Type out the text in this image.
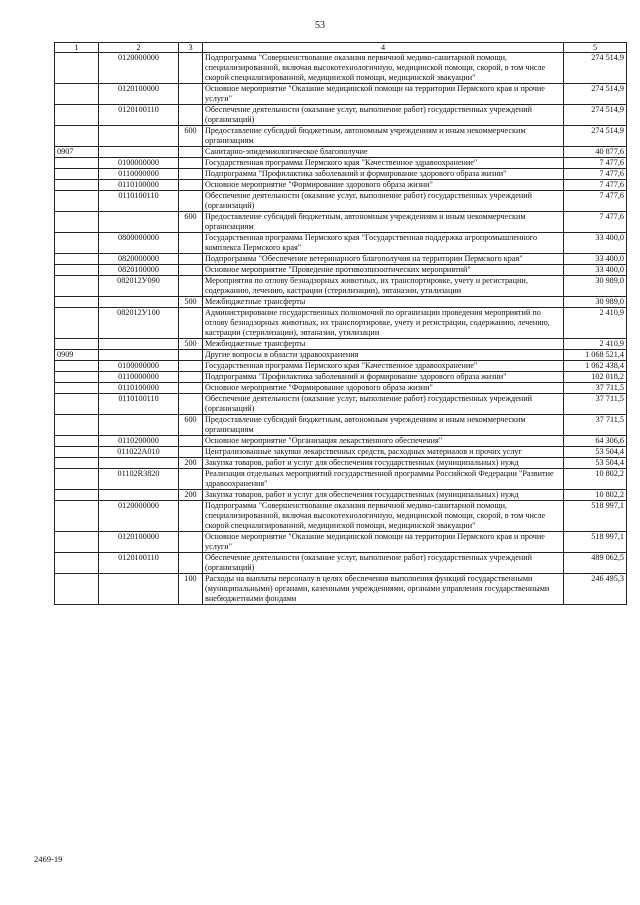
53
1	2	3	4	5
	0120000000		Подпрограмма "Совершенствование оказания первичной медико-санитарной помощи, специализированной, включая высокотехнологичную, медицинской помощи, скорой, в том числе скорой специализированной, медицинской помощи, медицинской эвакуации"	274 514,9
	0120100000		Основное мероприятие "Оказание медицинской помощи на территории Пермского края и прочие услуги"	274 514,9
	0120100110		Обеспечение деятельности (оказание услуг, выполнение работ) государственных учреждений (организаций)	274 514,9
		600	Предоставление субсидий бюджетным, автономным учреждениям и иным некоммерческим организациям	274 514,9
0907			Санитарно-эпидемиологическое благополучие	40 877,6
	0100000000		Государственная программа Пермского края "Качественное здравоохранение"	7 477,6
	0110000000		Подпрограмма "Профилактика заболеваний и формирование здорового образа жизни"	7 477,6
	0110100000		Основное мероприятие "Формирование здорового образа жизни"	7 477,6
	0110100110		Обеспечение деятельности (оказание услуг, выполнение работ) государственных учреждений (организаций)	7 477,6
		600	Предоставление субсидий бюджетным, автономным учреждениям и иным некоммерческим организациям	7 477,6
	0800000000		Государственная программа Пермского края "Государственная поддержка агропромышленного комплекса Пермского края"	33 400,0
	0820000000		Подпрограмма "Обеспечение ветеринарного благополучия на территории Пермского края"	33 400,0
	0820100000		Основное мероприятие "Проведение противоэпизоотических мероприятий"	33 400,0
	082012У090		Мероприятия по отлову безнадзорных животных, их транспортировке, учету и регистрации, содержанию, лечению, кастрации (стерилизации), эвтаназии, утилизации	30 989,0
		500	Межбюджетные трансферты	30 989,0
	082012У100		Администрирование государственных полномочий по организации проведения мероприятий по отлову безнадзорных животных, их транспортировке, учету и регистрации, содержанию, лечению, кастрации (стерилизации), эвтаназии, утилизации	2 410,9
		500	Межбюджетные трансферты	2 410,9
0909			Другие вопросы в области здравоохранения	1 068 521,4
	0100000000		Государственная программа Пермского края "Качественное здравоохранение"	1 062 438,4
	0110000000		Подпрограмма "Профилактика заболеваний и формирование здорового образа жизни"	102 018,2
	0110100000		Основное мероприятие "Формирование здорового образа жизни"	37 711,5
	0110100110		Обеспечение деятельности (оказание услуг, выполнение работ) государственных учреждений (организаций)	37 711,5
		600	Предоставление субсидий бюджетным, автономным учреждениям и иным некоммерческим организациям	37 711,5
	0110200000		Основное мероприятие "Организация лекарственного обеспечения"	64 306,6
	011022А010		Централизованные закупки лекарственных средств, расходных материалов и прочих услуг	53 504,4
		200	Закупка товаров, работ и услуг для обеспечения государственных (муниципальных) нужд	53 504,4
	01102R3820		Реализация отдельных мероприятий государственной программы Российской Федерации "Развитие здравоохранения"	10 802,2
		200	Закупка товаров, работ и услуг для обеспечения государственных (муниципальных) нужд	10 802,2
	0120000000		Подпрограмма "Совершенствование оказания первичной медико-санитарной помощи, специализированной, включая высокотехнологичную, медицинской помощи, скорой, в том числе скорой специализированной, медицинской помощи, медицинской эвакуации"	518 997,1
	0120100000		Основное мероприятие "Оказание медицинской помощи на территории Пермского края и прочие услуги"	518 997,1
	0120100110		Обеспечение деятельности (оказание услуг, выполнение работ) государственных учреждений (организаций)	489 062,5
		100	Расходы на выплаты персоналу в целях обеспечения выполнения функций государственными (муниципальными) органами, казенными учреждениями, органами управления государственными внебюджетными фондами	246 495,3
2469-19
